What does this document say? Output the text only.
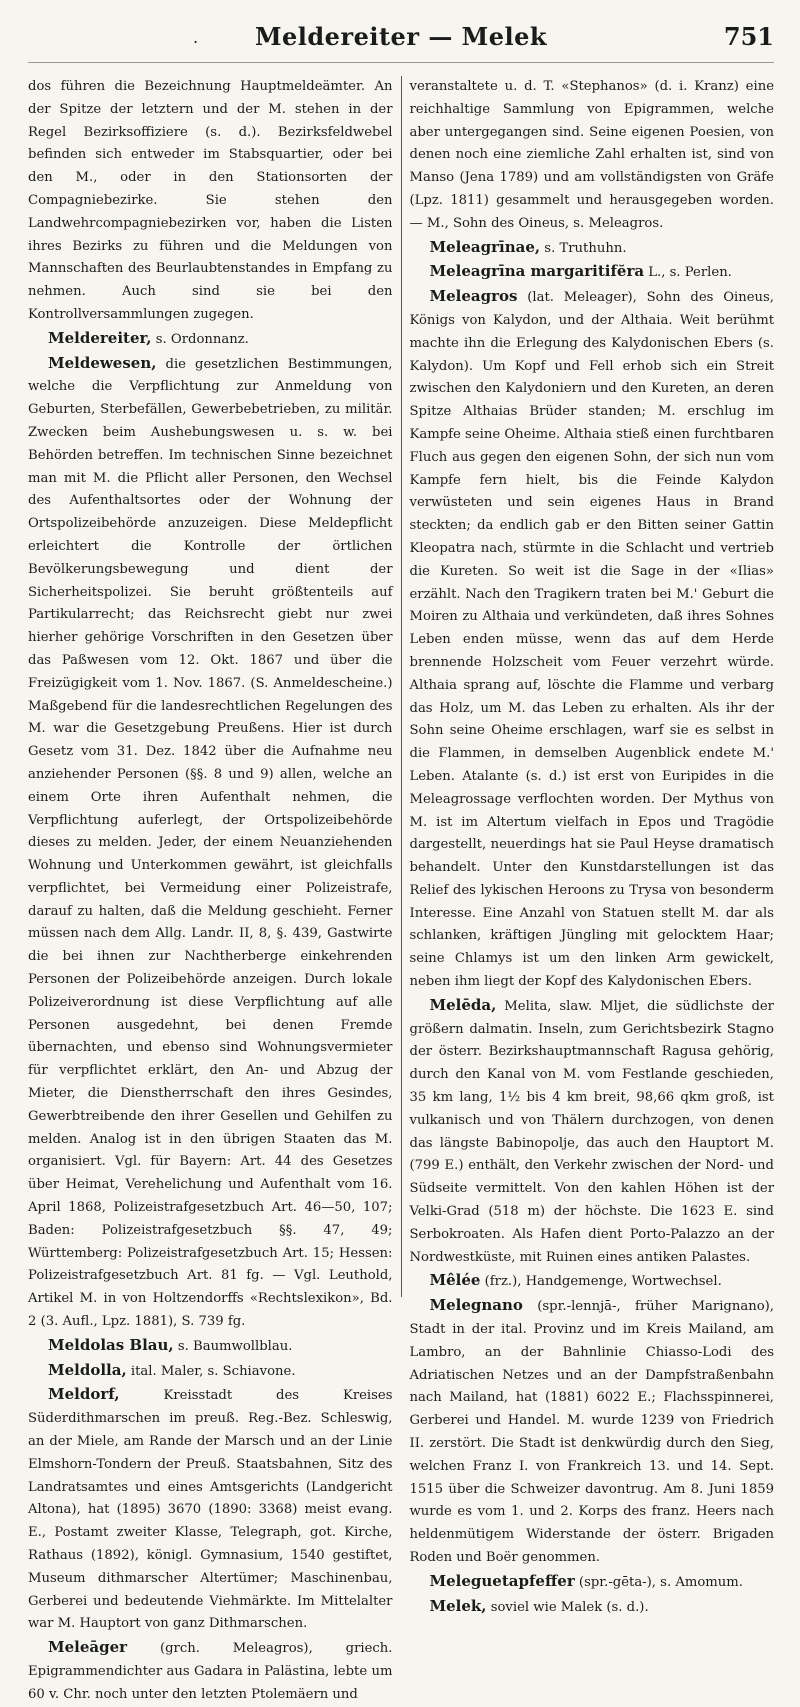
.	Meldereiter — Melek	751

dos führen die Bezeichnung Hauptmeldeämter. An der Spitze der letztern und der M. stehen in der Regel Bezirksoffiziere (s. d.). Bezirksfeldwebel befinden sich entweder im Stabsquartier, oder bei den M., oder in den Stationsorten der Compagniebezirke. Sie stehen den Landwehrcompagniebezirken vor, haben die Listen ihres Bezirks zu führen und die Meldungen von Mannschaften des Beurlaubtenstandes in Empfang zu nehmen. Auch sind sie bei den Kontrollversammlungen zugegen.

Meldereiter, s. Ordonnanz.

Meldewesen, die gesetzlichen Bestimmungen, welche die Verpflichtung zur Anmeldung von Geburten, Sterbefällen, Gewerbebetrieben, zu militär. Zwecken beim Aushebungswesen u. s. w. bei Behörden betreffen. Im technischen Sinne bezeichnet man mit M. die Pflicht aller Personen, den Wechsel des Aufenthaltsortes oder der Wohnung der Ortspolizeibehörde anzuzeigen. Diese Meldepflicht erleichtert die Kontrolle der örtlichen Bevölkerungsbewegung und dient der Sicherheitspolizei. Sie beruht größtenteils auf Partikularrecht; das Reichsrecht giebt nur zwei hierher gehörige Vorschriften in den Gesetzen über das Paßwesen vom 12. Okt. 1867 und über die Freizügigkeit vom 1. Nov. 1867. (S. Anmeldescheine.) Maßgebend für die landesrechtlichen Regelungen des M. war die Gesetzgebung Preußens. Hier ist durch Gesetz vom 31. Dez. 1842 über die Aufnahme neu anziehender Personen (§§. 8 und 9) allen, welche an einem Orte ihren Aufenthalt nehmen, die Verpflichtung auferlegt, der Ortspolizeibehörde dieses zu melden. Jeder, der einem Neuanziehenden Wohnung und Unterkommen gewährt, ist gleichfalls verpflichtet, bei Vermeidung einer Polizeistrafe, darauf zu halten, daß die Meldung geschieht. Ferner müssen nach dem Allg. Landr. II, 8, §. 439, Gastwirte die bei ihnen zur Nachtherberge einkehrenden Personen der Polizeibehörde anzeigen. Durch lokale Polizeiverordnung ist diese Verpflichtung auf alle Personen ausgedehnt, bei denen Fremde übernachten, und ebenso sind Wohnungsvermieter für verpflichtet erklärt, den An- und Abzug der Mieter, die Dienstherrschaft den ihres Gesindes, Gewerbtreibende den ihrer Gesellen und Gehilfen zu melden. Analog ist in den übrigen Staaten das M. organisiert. Vgl. für Bayern: Art. 44 des Gesetzes über Heimat, Verehelichung und Aufenthalt vom 16. April 1868, Polizeistrafgesetzbuch Art. 46—50, 107; Baden: Polizeistrafgesetzbuch §§. 47, 49; Württemberg: Polizeistrafgesetzbuch Art. 15; Hessen: Polizeistrafgesetzbuch Art. 81 fg. — Vgl. Leuthold, Artikel M. in von Holtzendorffs «Rechtslexikon», Bd. 2 (3. Aufl., Lpz. 1881), S. 739 fg.

Meldolas Blau, s. Baumwollblau.

Meldolla, ital. Maler, s. Schiavone.

Meldorf,	Kreisstadt des Kreises Süderdithmarschen im preuß. Reg.-Bez. Schleswig, an der Miele, am Rande der Marsch und an der Linie Elmshorn-Tondern der Preuß. Staatsbahnen, Sitz des Landratsamtes und eines Amtsgerichts (Landgericht Altona), hat (1895) 3670 (1890: 3368) meist evang. E., Postamt zweiter Klasse, Telegraph, got. Kirche, Rathaus (1892), königl. Gymnasium, 1540 gestiftet, Museum dithmarscher Altertümer; Maschinenbau, Gerberei und bedeutende Viehmärkte. Im Mittelalter war M. Hauptort von ganz Dithmarschen.

Meleāger (grch. Meleagros), griech. Epigrammendichter aus Gadara in Palästina, lebte um 60 v. Chr. noch unter den letzten Ptolemäern und

veranstaltete u. d. T. «Stephanos» (d. i. Kranz) eine reichhaltige Sammlung von Epigrammen, welche aber untergegangen sind. Seine eigenen Poesien, von denen noch eine ziemliche Zahl erhalten ist, sind von Manso (Jena 1789) und am vollständigsten von Gräfe (Lpz. 1811) gesammelt und herausgegeben worden. — M., Sohn des Oineus, s. Meleagros.

Meleagrīnae, s. Truthuhn.

Meleagrīna margaritifĕra L., s. Perlen.

Meleagros (lat. Meleager), Sohn des Oineus, Königs von Kalydon, und der Althaia. Weit berühmt machte ihn die Erlegung des Kalydonischen Ebers (s. Kalydon). Um Kopf und Fell erhob sich ein Streit zwischen den Kalydoniern und den Kureten, an deren Spitze Althaias Brüder standen; M. erschlug im Kampfe seine Oheime. Althaia stieß einen furchtbaren Fluch aus gegen den eigenen Sohn, der sich nun vom Kampfe fern hielt, bis die Feinde Kalydon verwüsteten und sein eigenes Haus in Brand steckten; da endlich gab er den Bitten seiner Gattin Kleopatra nach, stürmte in die Schlacht und vertrieb die Kureten. So weit ist die Sage in der «Ilias» erzählt. Nach den Tragikern traten bei M.' Geburt die Moiren zu Althaia und verkündeten, daß ihres Sohnes Leben enden müsse, wenn das auf dem Herde brennende Holzscheit vom Feuer verzehrt würde. Althaia sprang auf, löschte die Flamme und verbarg das Holz, um M. das Leben zu erhalten. Als ihr der Sohn seine Oheime erschlagen, warf sie es selbst in die Flammen, in demselben Augenblick endete M.' Leben. Atalante (s. d.) ist erst von Euripides in die Meleagrossage verflochten worden. Der Mythus von M. ist im Altertum vielfach in Epos und Tragödie dargestellt, neuerdings hat sie Paul Heyse dramatisch behandelt. Unter den Kunstdarstellungen ist das Relief des lykischen Heroons zu Trysa von besonderm Interesse. Eine Anzahl von Statuen stellt M. dar als schlanken, kräftigen Jüngling mit gelocktem Haar; seine Chlamys ist um den linken Arm gewickelt, neben ihm liegt der Kopf des Kalydonischen Ebers.

Melēda, Melita, slaw. Mljet, die südlichste der größern dalmatin. Inseln, zum Gerichtsbezirk Stagno der österr. Bezirkshauptmannschaft Ragusa gehörig, durch den Kanal von M. vom Festlande geschieden, 35 km lang, 1½ bis 4 km breit, 98,66 qkm groß, ist vulkanisch und von Thälern durchzogen, von denen das längste Babinopolje, das auch den Hauptort M. (799 E.) enthält, den Verkehr zwischen der Nord- und Südseite vermittelt. Von den kahlen Höhen ist der Velki-Grad (518 m) der höchste. Die 1623 E. sind Serbokroaten. Als Hafen dient Porto-Palazzo an der Nordwestküste, mit Ruinen eines antiken Palastes.

Mêlée (frz.), Handgemenge, Wortwechsel.

Melegnano (spr.-lennjā-, früher Marignano), Stadt in der ital. Provinz und im Kreis Mailand, am Lambro, an der Bahnlinie Chiasso-Lodi des Adriatischen Netzes und an der Dampfstraßenbahn nach Mailand, hat (1881) 6022 E.; Flachsspinnerei, Gerberei und Handel. M. wurde 1239 von Friedrich II. zerstört. Die Stadt ist denkwürdig durch den Sieg, welchen Franz I. von Frankreich 13. und 14. Sept. 1515 über die Schweizer davontrug. Am 8. Juni 1859 wurde es vom 1. und 2. Korps des franz. Heers nach heldenmütigem Widerstande der österr. Brigaden Roden und Boër genommen.

Meleguetapfeffer (spr.-gēta-), s. Amomum.

Melek, soviel wie Malek (s. d.).
